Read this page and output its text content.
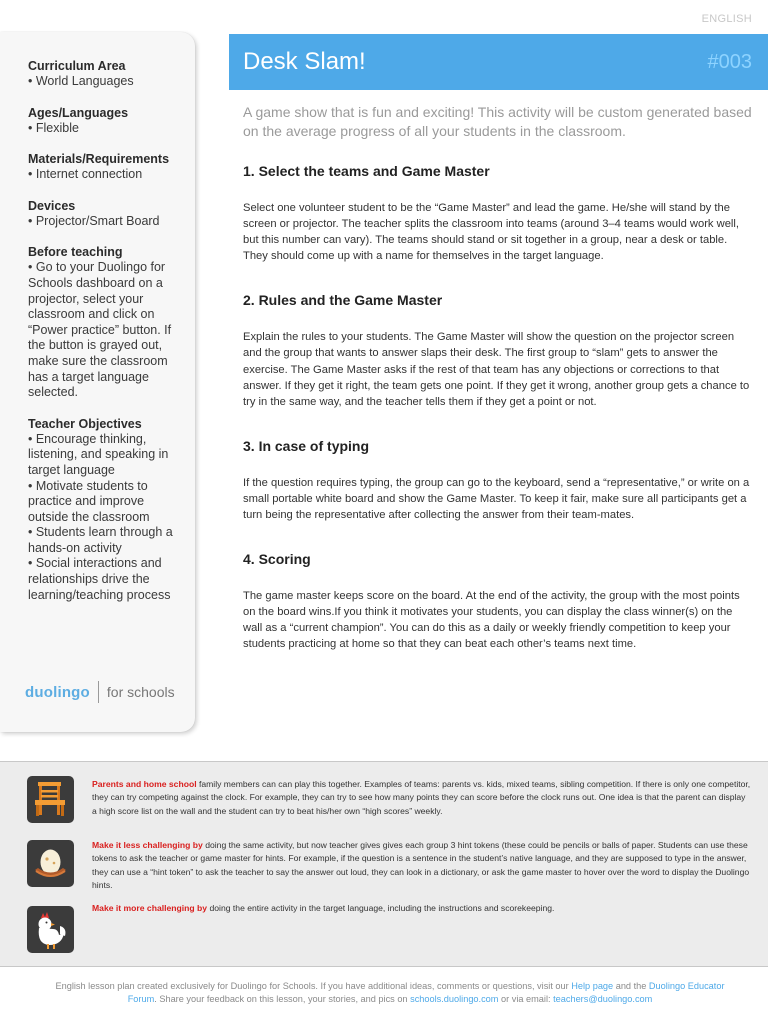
ENGLISH
Curriculum Area
• World Languages
Ages/Languages
• Flexible
Materials/Requirements
• Internet connection
Devices
• Projector/Smart Board
Before teaching
• Go to your Duolingo for Schools dashboard on a projector, select your classroom and click on “Power practice” button. If the button is grayed out, make sure the classroom has a target language selected.
Teacher Objectives
• Encourage thinking, listening, and speaking in target language
• Motivate students to practice and improve outside the classroom
• Students learn through a hands-on activity
• Social interactions and relationships drive the learning/teaching process
duolingo for schools
Desk Slam!	#003

A game show that is fun and exciting! This activity will be custom generated based on the average progress of all your students in the classroom.

1. Select the teams and Game Master

Select one volunteer student to be the “Game Master” and lead the game. He/she will stand by the screen or projector. The teacher splits the classroom into teams (around 3–4 teams would work well, but this number can vary). The teams should stand or sit together in a group, near a desk or table. They should come up with a name for themselves in the target language.

2. Rules and the Game Master

Explain the rules to your students. The Game Master will show the question on the projector screen and the group that wants to answer slaps their desk. The first group to “slam” gets to answer the exercise. The Game Master asks if the rest of that team has any objections or corrections to that answer. If they get it right, the team gets one point. If they get it wrong, another group gets a chance to try in the same way, and the teacher tells them if they get a point or not.

3. In case of typing

If the question requires typing, the group can go to the keyboard, send a “representative,” or write on a small portable white board and show the Game Master. To keep it fair, make sure all participants get a turn being the representative after collecting the answer from their team-mates.

4. Scoring

The game master keeps score on the board. At the end of the activity, the group with the most points on the board wins.If you think it motivates your students, you can display the class winner(s) on the wall as a “current champion”. You can do this as a daily or weekly friendly competition to keep your students practicing at home so that they can beat each other’s teams next time.

Parents and home school family members can can play this together. Examples of teams: parents vs. kids, mixed teams, sibling competition. If there is only one competitor, they can try competing against the clock. For example, they can try to see how many points they can score before the clock runs out. One idea is that the parent can display a high score list on the wall and the student can try to beat his/her own “high scores” weekly.

Make it less challenging by doing the same activity, but now teacher gives gives each group 3 hint tokens (these could be pencils or balls of paper. Students can use these tokens to ask the teacher or game master for hints. For example, if the question is a sentence in the student’s native language, and they are supposed to type in the answer, they can use a “hint token” to ask the teacher to say the answer out loud, they can look in a dictionary, or ask the game master to hover over the word to display the Duolingo hints.

Make it more challenging by doing the entire activity in the target language, including the instructions and scorekeeping.

English lesson plan created exclusively for Duolingo for Schools. If you have additional ideas, comments or questions, visit our Help page and the Duolingo Educator Forum. Share your feedback on this lesson, your stories, and pics on schools.duolingo.com or via email: teachers@duolingo.com
